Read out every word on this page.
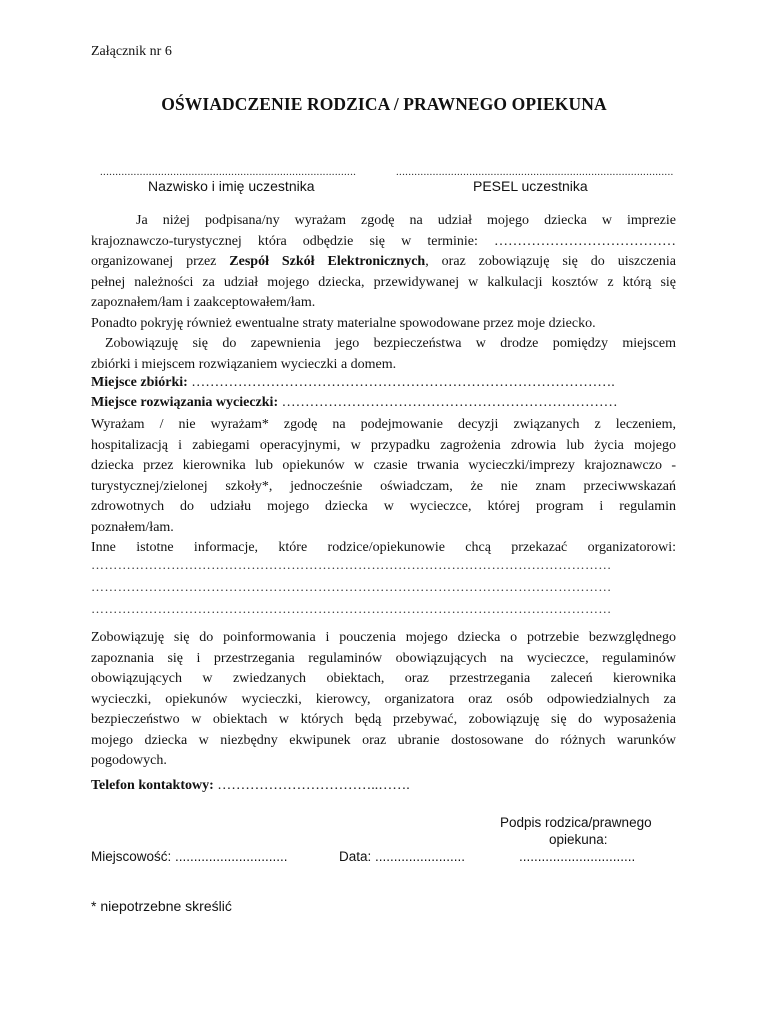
Załącznik nr 6
OŚWIADCZENIE RODZICA / PRAWNEGO OPIEKUNA
....................................................................................	...........................................................................................
Nazwisko i imię uczestnika	PESEL uczestnika
Ja niżej podpisana/ny wyrażam zgodę na udział mojego dziecka w imprezie
krajoznawczo-turystycznej która odbędzie się w terminie: …………………………………
organizowanej przez Zespół Szkół Elektronicznych, oraz zobowiązuję się do uiszczenia
pełnej należności za udział mojego dziecka, przewidywanej w kalkulacji kosztów z którą się
zapoznałem/łam i zaakceptowałem/łam.
Ponadto pokryję również ewentualne straty materialne spowodowane przez moje dziecko.
Zobowiązuję się do zapewnienia jego bezpieczeństwa w drodze pomiędzy miejscem
zbiórki i miejscem rozwiązaniem wycieczki a domem.
Miejsce zbiórki: ……………………………………………………………………………….
Miejsce rozwiązania wycieczki: ………………………………………………………………
Wyrażam / nie wyrażam* zgodę na podejmowanie decyzji związanych z leczeniem,
hospitalizacją i zabiegami operacyjnymi, w przypadku zagrożenia zdrowia lub życia mojego
dziecka przez kierownika lub opiekunów w czasie trwania wycieczki/imprezy krajoznawczo -
turystycznej/zielonej szkoły*, jednocześnie oświadczam, że nie znam przeciwwskazań
zdrowotnych do udziału mojego dziecka w wycieczce, której program i regulamin
poznałem/łam.
Inne istotne informacje, które rodzice/opiekunowie chcą przekazać organizatorowi:
………………………………………………………………………………………………………
………………………………………………………………………………………………………
………………………………………………………………………………………………………
Zobowiązuję się do poinformowania i pouczenia mojego dziecka o potrzebie bezwzględnego
zapoznania się i przestrzegania regulaminów obowiązujących na wycieczce, regulaminów
obowiązujących w zwiedzanych obiektach, oraz przestrzegania zaleceń kierownika
wycieczki, opiekunów wycieczki, kierowcy, organizatora oraz osób odpowiedzialnych za
bezpieczeństwo w obiektach w których będą przebywać, zobowiązuję się do wyposażenia
mojego dziecka w niezbędny ekwipunek oraz ubranie dostosowane do różnych warunków
pogodowych.
Telefon kontaktowy: ……………………………..…….
Podpis rodzica/prawnego
opiekuna:
Miejscowość: ..............................	Data: ........................	...............................
* niepotrzebne skreślić
